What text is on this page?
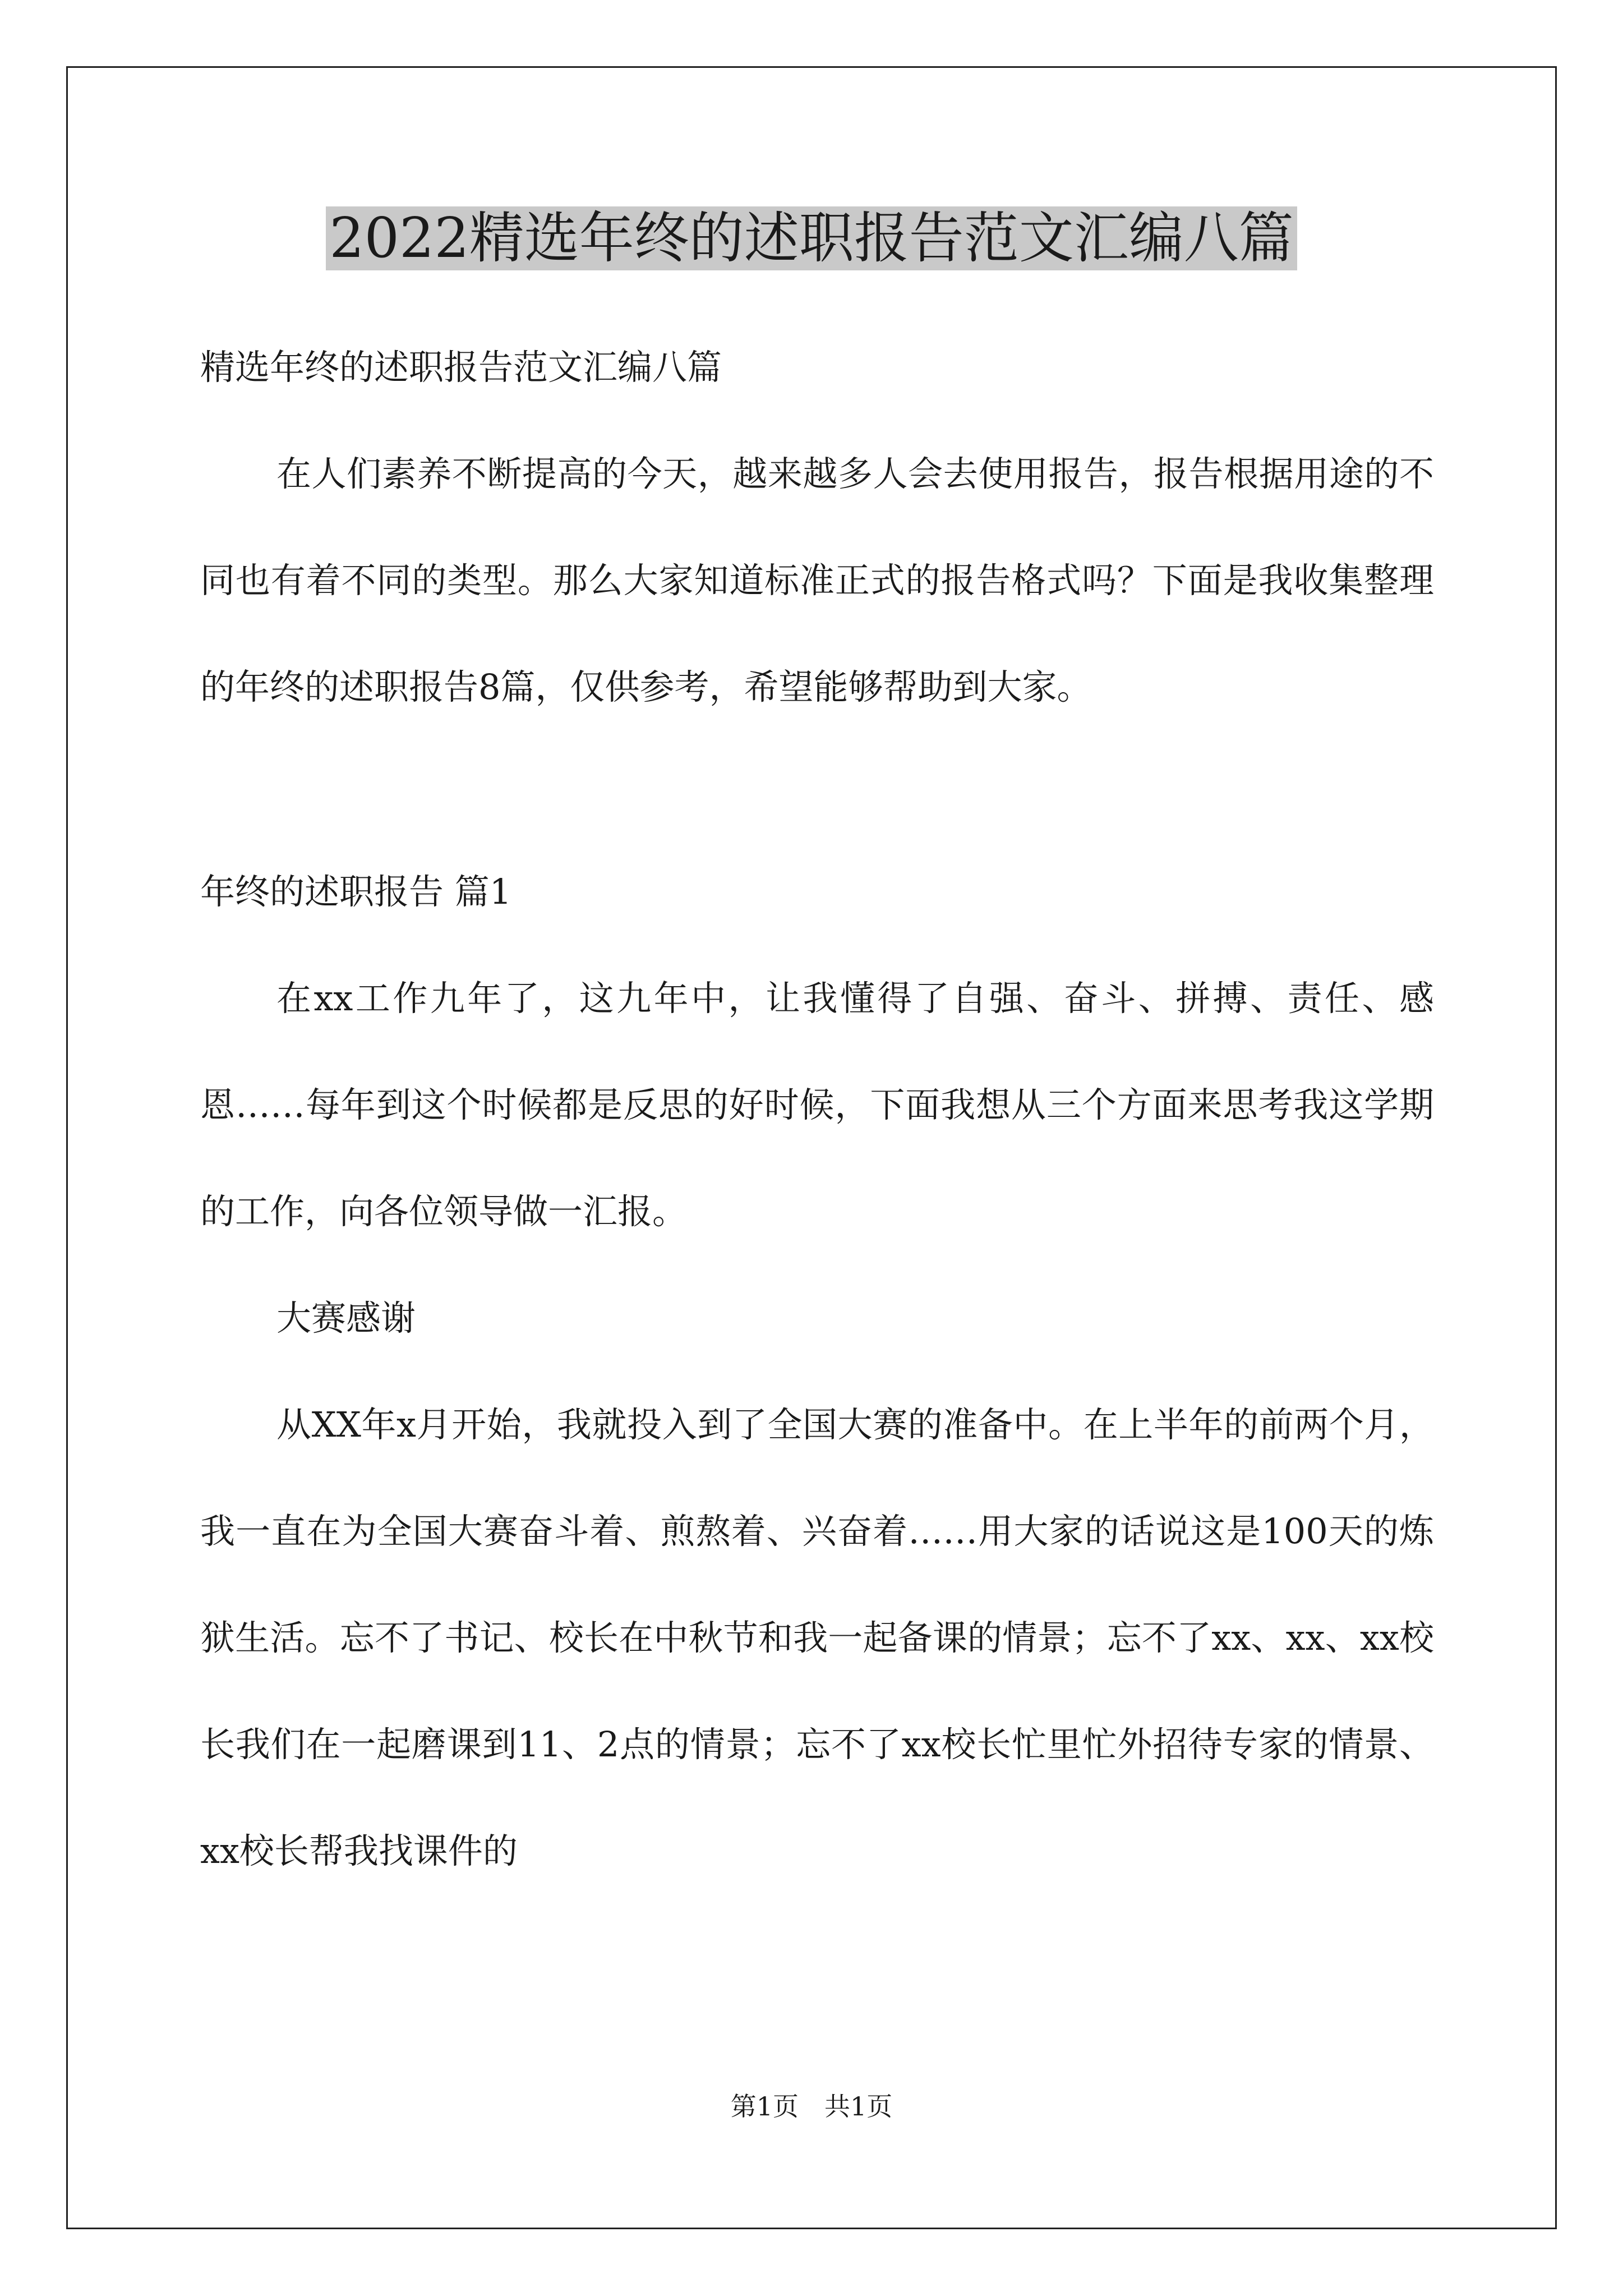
2022精选年终的述职报告范文汇编八篇

精选年终的述职报告范文汇编八篇

在人们素养不断提高的今天，越来越多人会去使用报告，报告根据用途的不同也有着不同的类型。那么大家知道标准正式的报告格式吗？下面是我收集整理的年终的述职报告8篇，仅供参考，希望能够帮助到大家。

年终的述职报告 篇1

在xx工作九年了，这九年中，让我懂得了自强、奋斗、拼搏、责任、感恩……每年到这个时候都是反思的好时候，下面我想从三个方面来思考我这学期的工作，向各位领导做一汇报。

大赛感谢

从XX年x月开始，我就投入到了全国大赛的准备中。在上半年的前两个月，我一直在为全国大赛奋斗着、煎熬着、兴奋着……用大家的话说这是100天的炼狱生活。忘不了书记、校长在中秋节和我一起备课的情景；忘不了xx、xx、xx校长我们在一起磨课到11、2点的情景；忘不了xx校长忙里忙外招待专家的情景、xx校长帮我找课件的

第1页　共1页
